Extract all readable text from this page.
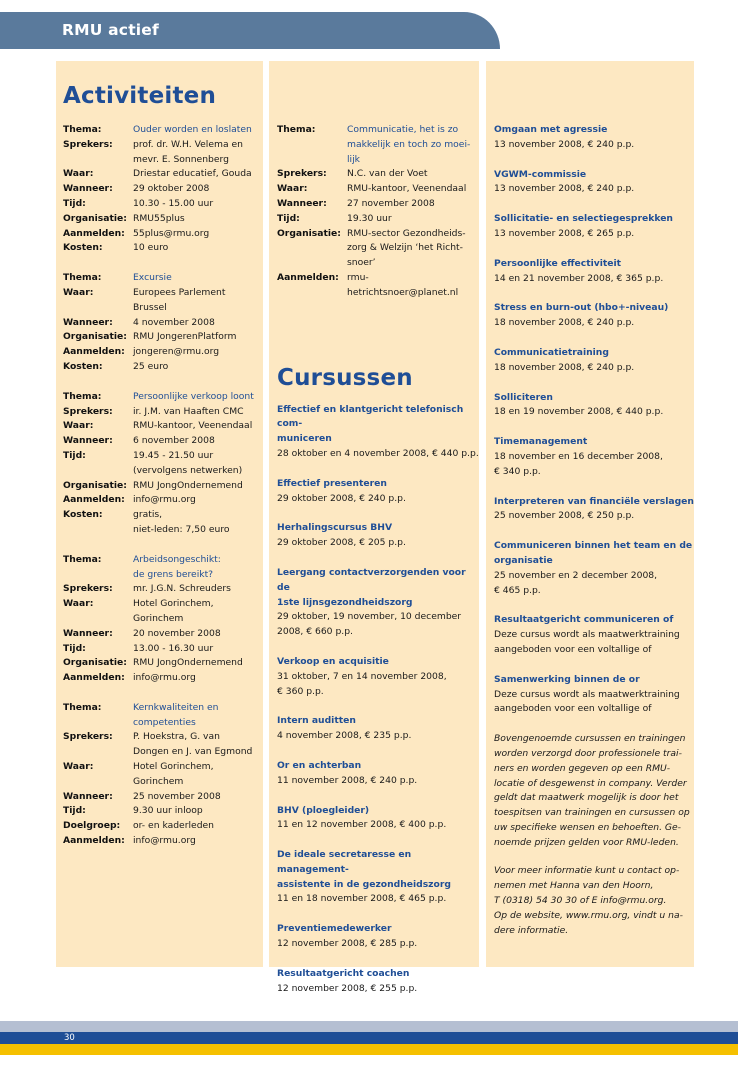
RMU actief
Activiteiten
Thema:	Ouder worden en loslaten
Sprekers:	prof. dr. W.H. Velema en
mevr. E. Sonnenberg
Waar:	Driestar educatief, Gouda
Wanneer:	29 oktober 2008
Tijd:	10.30 - 15.00 uur
Organisatie: RMU55plus
Aanmelden: 55plus@rmu.org
Kosten:	10 euro
Thema:	Excursie
Waar:	Europees Parlement
Brussel
Wanneer:	4 november 2008
Organisatie: RMU JongerenPlatform
Aanmelden: jongeren@rmu.org
Kosten:	25 euro
Thema:	Persoonlijke verkoop loont
Sprekers:	ir. J.M. van Haaften CMC
Waar:	RMU-kantoor, Veenendaal
Wanneer:	6 november 2008
Tijd:	19.45 - 21.50 uur
(vervolgens netwerken)
Organisatie: RMU JongOndernemend
Aanmelden: info@rmu.org
Kosten:	gratis,
niet-leden: 7,50 euro
Thema:	Arbeidsongeschikt:
de grens bereikt?
Sprekers:	mr. J.G.N. Schreuders
Waar:	Hotel Gorinchem,
Gorinchem
Wanneer:	20 november 2008
Tijd:	13.00 - 16.30 uur
Organisatie: RMU JongOndernemend
Aanmelden: info@rmu.org
Thema:	Kernkwaliteiten en
competenties
Sprekers:	P. Hoekstra, G. van
Dongen en J. van Egmond
Waar:	Hotel Gorinchem,
Gorinchem
Wanneer:	25 november 2008
Tijd:	9.30 uur inloop
Doelgroep:	or- en kaderleden
Aanmelden: info@rmu.org
Thema:	Communicatie, het is zo
makkelijk en toch zo moei-
lijk
Sprekers:	N.C. van der Voet
Waar:	RMU-kantoor, Veenendaal
Wanneer:	27 november 2008
Tijd:	19.30 uur
Organisatie: RMU-sector Gezondheids-
zorg & Welzijn ‘het Richt-
snoer’
Aanmelden: rmu-hetrichtsnoer@planet.nl
Cursussen
Effectief en klantgericht telefonisch com-
municeren
28 oktober en 4 november 2008, € 440 p.p.
Effectief presenteren
29 oktober 2008, € 240 p.p.
Herhalingscursus BHV
29 oktober 2008, € 205 p.p.
Leergang contactverzorgenden voor de
1ste lijnsgezondheidszorg
29 oktober, 19 november, 10 december
2008, € 660 p.p.
Verkoop en acquisitie
31 oktober, 7 en 14 november 2008,
€ 360 p.p.
Intern auditten
4 november 2008, € 235 p.p.
Or en achterban
11 november 2008, € 240 p.p.
BHV (ploegleider)
11 en 12 november 2008, € 400 p.p.
De ideale secretaresse en management-
assistente in de gezondheidszorg
11 en 18 november 2008, € 465 p.p.
Preventiemedewerker
12 november 2008, € 285 p.p.
Resultaatgericht coachen
12 november 2008, € 255 p.p.
Omgaan met agressie
13 november 2008, € 240 p.p.
VGWM-commissie
13 november 2008, € 240 p.p.
Sollicitatie- en selectiegesprekken
13 november 2008, € 265 p.p.
Persoonlijke effectiviteit
14 en 21 november 2008, € 365 p.p.
Stress en burn-out (hbo+-niveau)
18 november 2008, € 240 p.p.
Communicatietraining
18 november 2008, € 240 p.p.
Solliciteren
18 en 19 november 2008, € 440 p.p.
Timemanagement
18 november en 16 december 2008,
€ 340 p.p.
Interpreteren van financiële verslagen
25 november 2008, € 250 p.p.
Communiceren binnen het team en de
organisatie
25 november en 2 december 2008,
€ 465 p.p.
Resultaatgericht communiceren of
Deze cursus wordt als maatwerktraining
aangeboden voor een voltallige of
Samenwerking binnen de or
Deze cursus wordt als maatwerktraining
aangeboden voor een voltallige of

Bovengenoemde cursussen en trainingen
worden verzorgd door professionele trai-
ners en worden gegeven op een RMU-
locatie of desgewenst in company. Verder
geldt dat maatwerk mogelijk is door het
toespitsen van trainingen en cursussen op
uw specifieke wensen en behoeften. Ge-
noemde prijzen gelden voor RMU-leden.

Voor meer informatie kunt u contact op-
nemen met Hanna van den Hoorn,
T (0318) 54 30 30 of E info@rmu.org.
Op de website, www.rmu.org, vindt u na-
dere informatie.

30
